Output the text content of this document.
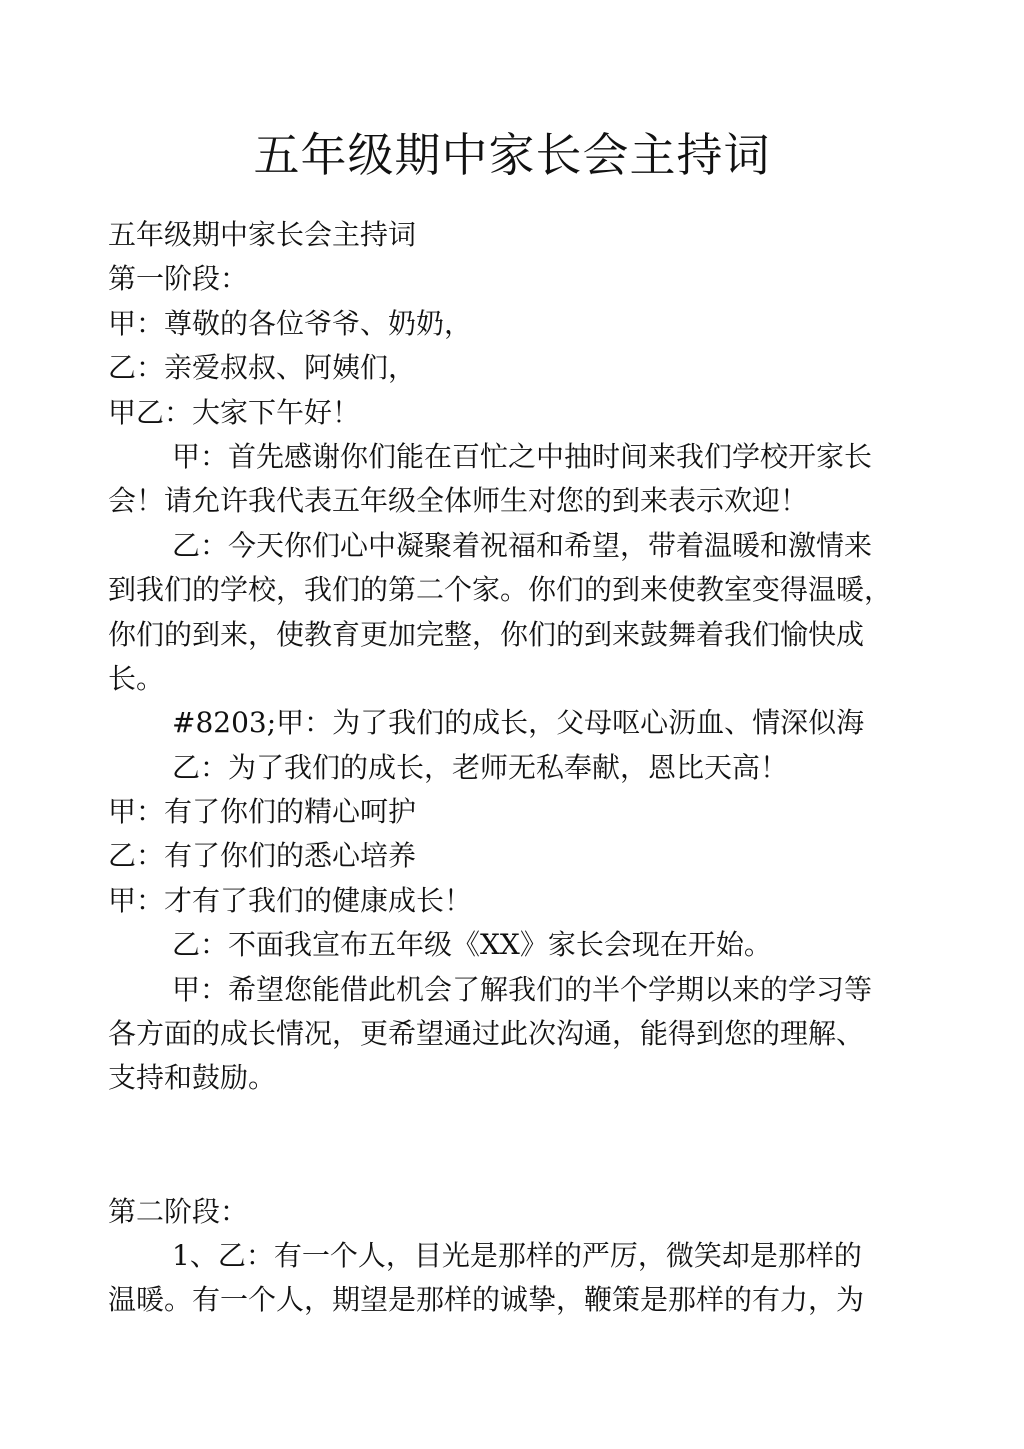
五年级期中家长会主持词

五年级期中家长会主持词

第一阶段：

甲：尊敬的各位爷爷、奶奶，

乙：亲爱叔叔、阿姨们，

甲乙：大家下午好！

甲：首先感谢你们能在百忙之中抽时间来我们学校开家长

会！请允许我代表五年级全体师生对您的到来表示欢迎！

乙：今天你们心中凝聚着祝福和希望，带着温暖和激情来

到我们的学校，我们的第二个家。你们的到来使教室变得温暖，

你们的到来，使教育更加完整，你们的到来鼓舞着我们愉快成

长。

#8203;甲：为了我们的成长，父母呕心沥血、情深似海

乙：为了我们的成长，老师无私奉献，恩比天高！

甲：有了你们的精心呵护

乙：有了你们的悉心培养

甲：才有了我们的健康成长！

乙：不面我宣布五年级《XX》家长会现在开始。

甲：希望您能借此机会了解我们的半个学期以来的学习等

各方面的成长情况，更希望通过此次沟通，能得到您的理解、

支持和鼓励。

第二阶段：

1、乙：有一个人，目光是那样的严厉，微笑却是那样的

温暖。有一个人，期望是那样的诚挚，鞭策是那样的有力，为
